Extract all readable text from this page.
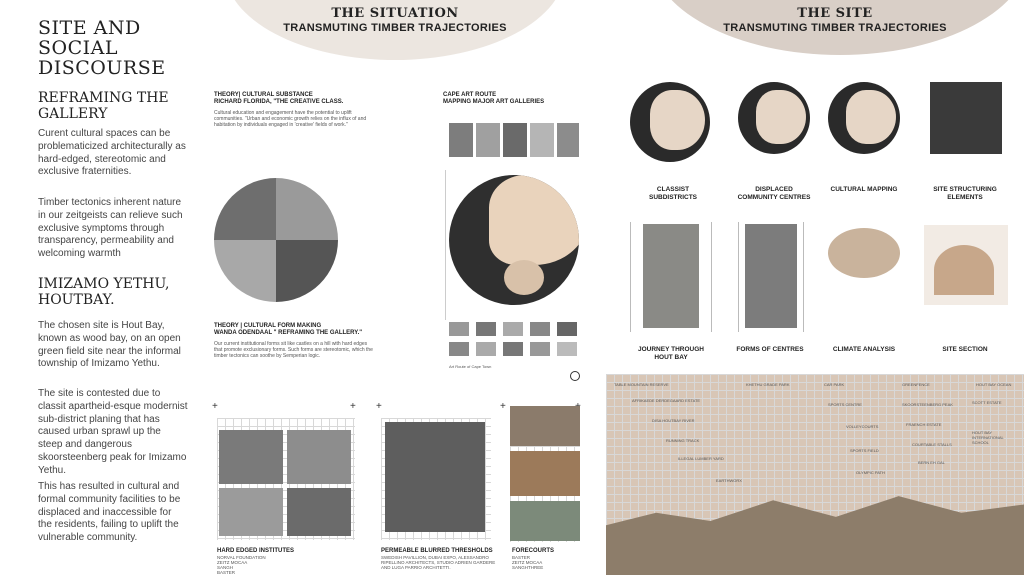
SITE AND
SOCIAL
DISCOURSE
REFRAMING THE
GALLERY
Curent cultural spaces can be problematicized architecturally as hard-edged, stereotomic and exclusive fraternities.
Timber tectonics inherent nature in our zeitgeists can relieve such exclusive symptoms through transparency, permeability and welcoming warmth
IMIZAMO YETHU,
HOUTBAY.
The chosen site is Hout Bay, known as wood bay, on an open green field site near the informal township of Imizamo Yethu.
The site is contested due to classit apartheid-esque modernist sub-district planing that has caused urban sprawl up the steep and dangerous skoorsteenberg peak for Imizamo Yethu.
This has resulted in cultural and formal community facilities to be displaced and inaccessible for the residents, failing to uplift the vulnerable community.
THE SITUATION
TRANSMUTING TIMBER TRAJECTORIES
THEORY| CULTURAL SUBSTANCE
RICHARD FLORIDA, "THE CREATIVE CLASS.
Cultural education and engagement have the potential to uplift communities. "Urban and economic growth relies on the influx of and habitation by individuals engaged in 'creative' fields of work."
THEORY | CULTURAL FORM MAKING
WANDA ODENDAAL " REFRAMING THE GALLERY."
Our current institutional forms sit like castles on a hill with hard edges that promote exclusionary forms. Such forms are stereotomic, which the timber tectonics can soothe by Semperian logic.
CAPE ART ROUTE
MAPPING MAJOR ART GALLERIES
Art Route of Cape Town
+	+
HARD EDGED INSTITUTES
NORVAL FOUNDATION
ZEITZ MOCAA
SANGH
BASTER
+
PERMEABLE BLURRED THRESHOLDS
SWEDISH PAVILLION, DUBAI EXPO, ALESSANDRO RIPELLINO ARCHITECTS, STUDIO ADRIEN GARDERE AND LUGA PARRIO ARCHITETTI.
+
FORECOURTS
BASTER
ZEITZ MOCAA
SANGHTHREE
THE SITE
TRANSMUTING TIMBER TRAJECTORIES
CLASSIST
SUBDISTRICTS
DISPLACED
COMMUNITY CENTRES
CULTURAL MAPPING	SITE STRUCTURING
ELEMENTS
JOURNEY THROUGH
HOUT BAY
FORMS OF CENTRES	CLIMATE ANALYSIS	SITE SECTION
TABLE MOUNTAIN RESERVE
AFRIKAEDE DERDEGAARD ESTATE
DISA HOUTBAY RIVER
RUNNING TRACK
ILLEGAL LUMBER YARD
EARTHWORX
KHETHU GRADE PARK	CAR PARK
SPORTS CENTRE
VOLLEYCOURTS
SPORTS FIELD
OLYMPIC PATH
GREENFENCE
SKOORSTEENBERG PEAK
FRAENCH ESTATE
COURTABLE STALLS
BERN EH GAL
HOUT BAY OCEAN
SCOTT ESTATE
HOUT BAY INTERNATIONAL SCHOOL
